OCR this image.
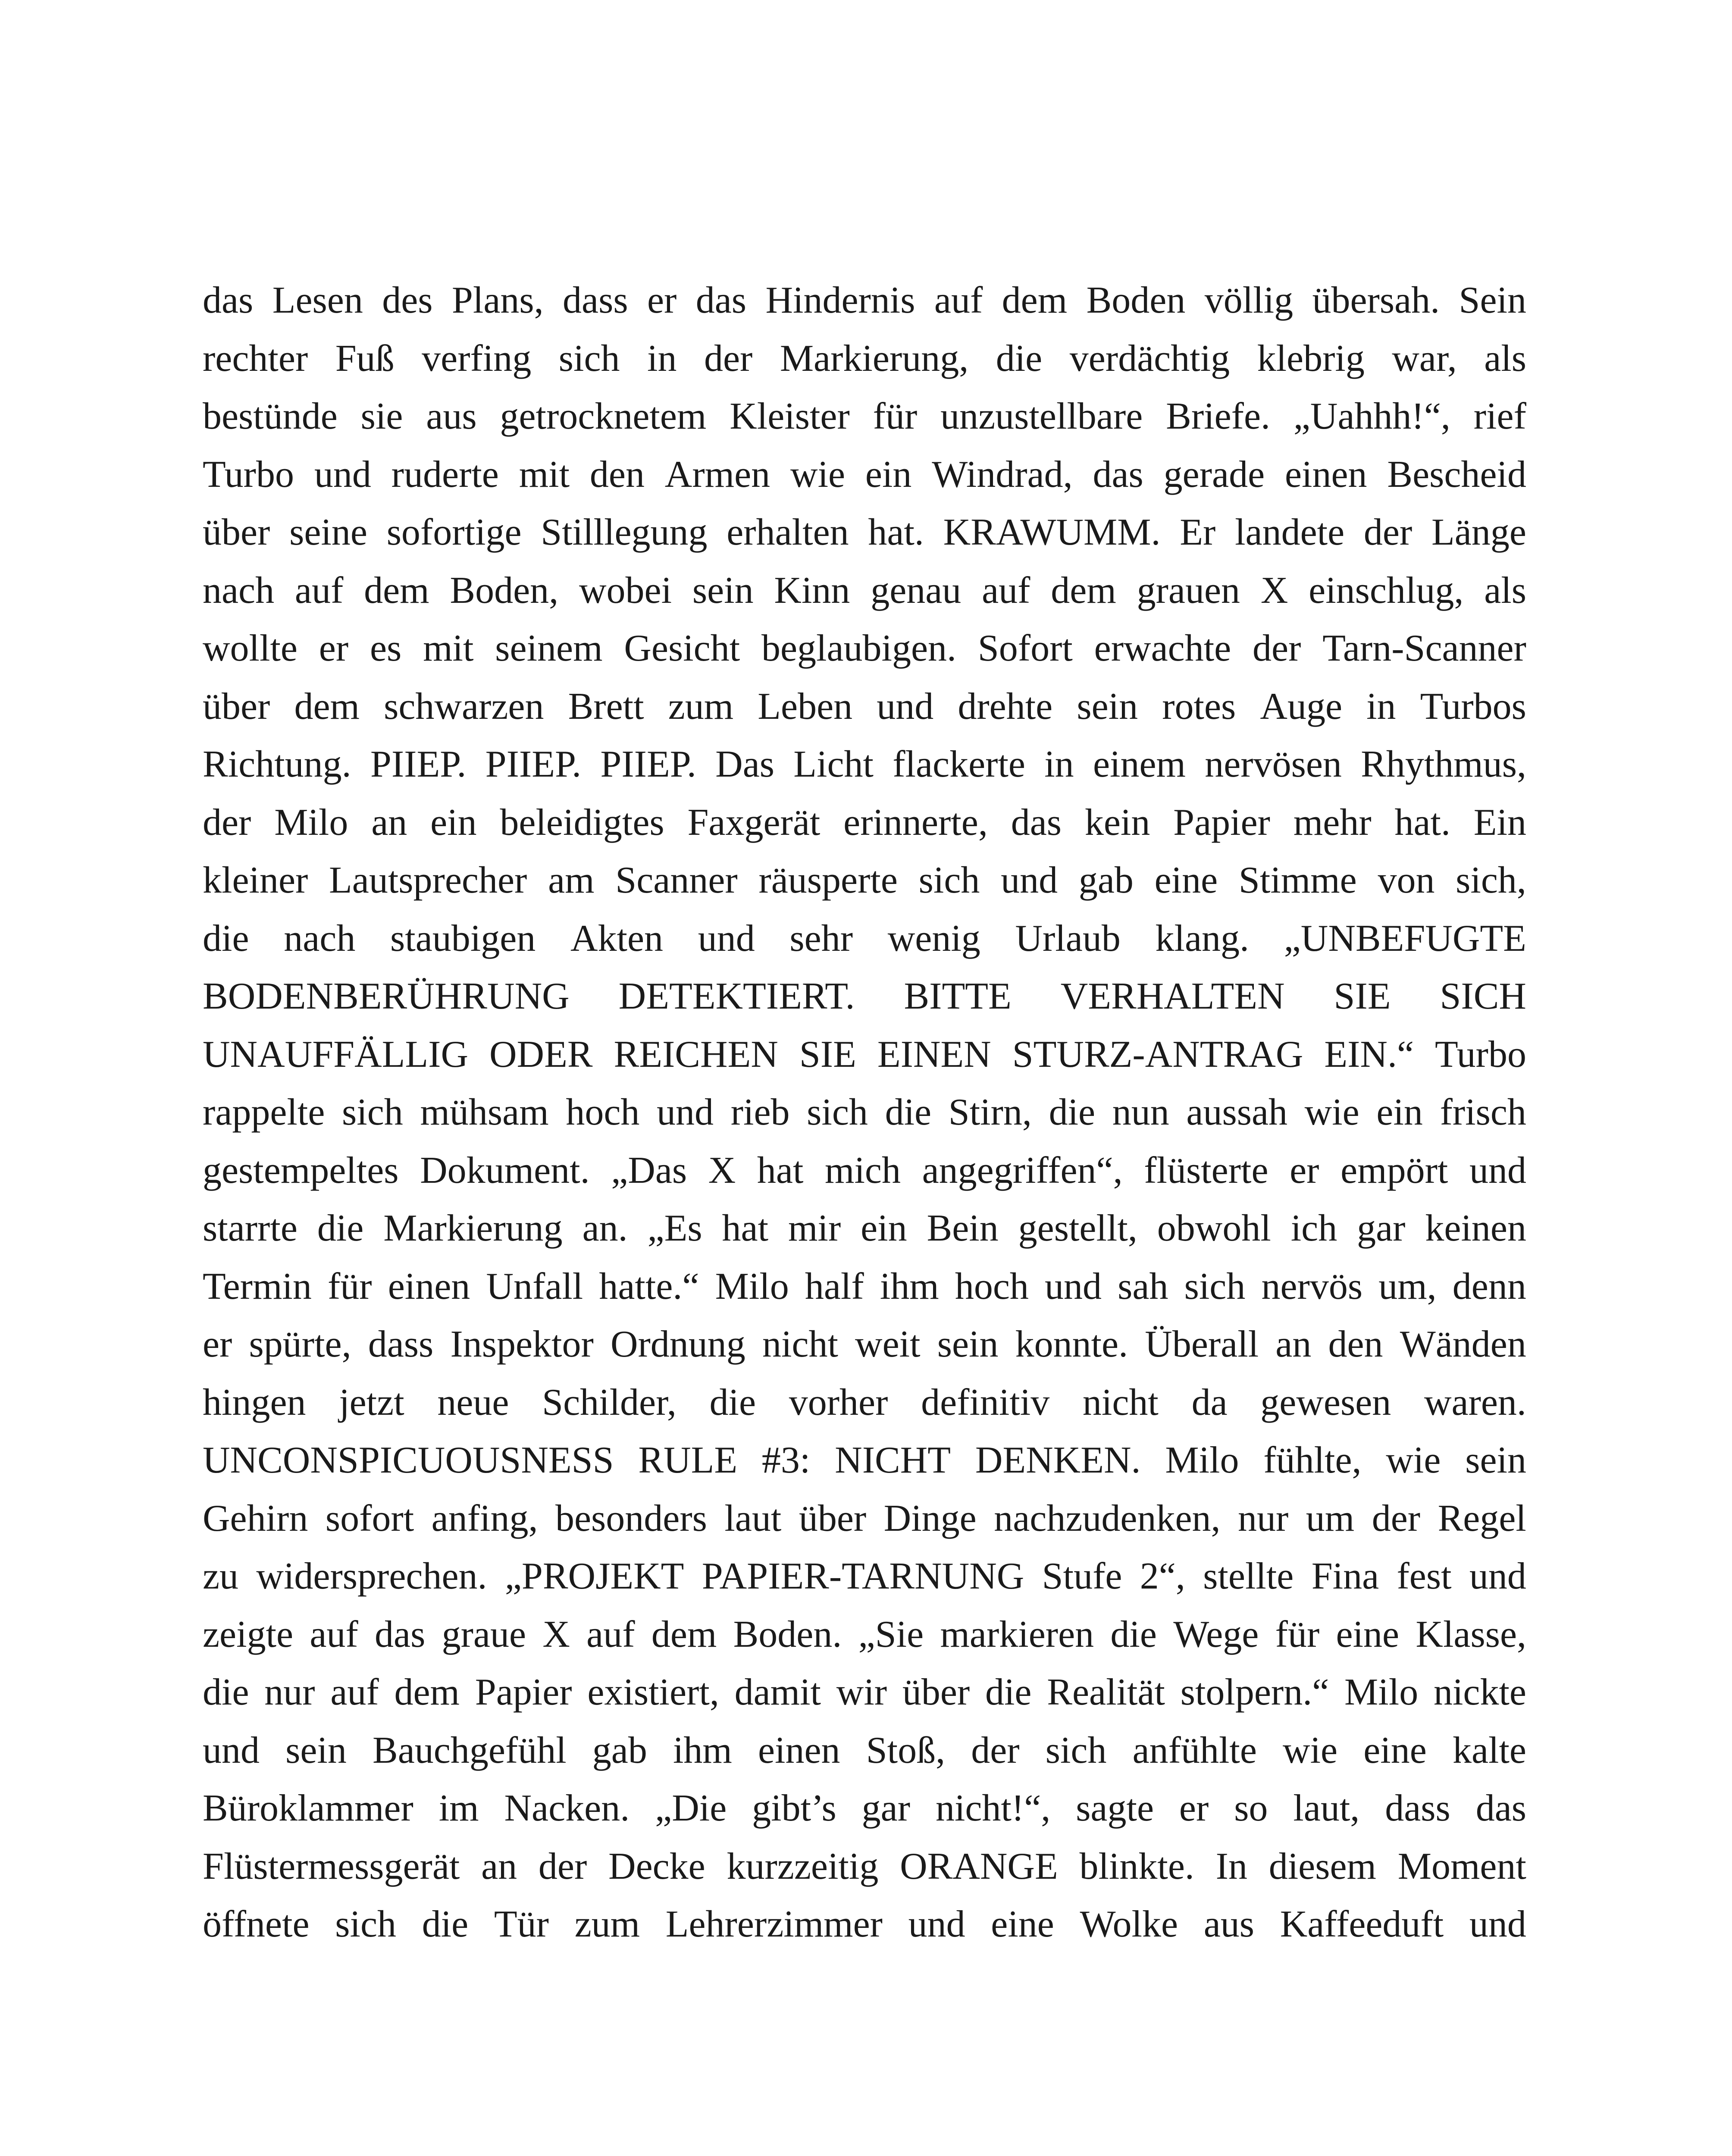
das Lesen des Plans, dass er das Hindernis auf dem Boden völlig übersah. Sein
rechter Fuß verfing sich in der Markierung, die verdächtig klebrig war, als
bestünde sie aus getrocknetem Kleister für unzustellbare Briefe. „Uahhh!“, rief
Turbo und ruderte mit den Armen wie ein Windrad, das gerade einen Bescheid
über seine sofortige Stilllegung erhalten hat. KRAWUMM. Er landete der Länge
nach auf dem Boden, wobei sein Kinn genau auf dem grauen X einschlug, als
wollte er es mit seinem Gesicht beglaubigen. Sofort erwachte der Tarn-Scanner
über dem schwarzen Brett zum Leben und drehte sein rotes Auge in Turbos
Richtung. PIIEP. PIIEP. PIIEP. Das Licht flackerte in einem nervösen Rhythmus,
der Milo an ein beleidigtes Faxgerät erinnerte, das kein Papier mehr hat. Ein
kleiner Lautsprecher am Scanner räusperte sich und gab eine Stimme von sich,
die nach staubigen Akten und sehr wenig Urlaub klang. „UNBEFUGTE
BODENBERÜHRUNG DETEKTIERT. BITTE VERHALTEN SIE SICH
UNAUFFÄLLIG ODER REICHEN SIE EINEN STURZ-ANTRAG EIN.“ Turbo
rappelte sich mühsam hoch und rieb sich die Stirn, die nun aussah wie ein frisch
gestempeltes Dokument. „Das X hat mich angegriffen“, flüsterte er empört und
starrte die Markierung an. „Es hat mir ein Bein gestellt, obwohl ich gar keinen
Termin für einen Unfall hatte.“ Milo half ihm hoch und sah sich nervös um, denn
er spürte, dass Inspektor Ordnung nicht weit sein konnte. Überall an den Wänden
hingen jetzt neue Schilder, die vorher definitiv nicht da gewesen waren.
UNCONSPICUOUSNESS RULE #3: NICHT DENKEN. Milo fühlte, wie sein
Gehirn sofort anfing, besonders laut über Dinge nachzudenken, nur um der Regel
zu widersprechen. „PROJEKT PAPIER-TARNUNG Stufe 2“, stellte Fina fest und
zeigte auf das graue X auf dem Boden. „Sie markieren die Wege für eine Klasse,
die nur auf dem Papier existiert, damit wir über die Realität stolpern.“ Milo nickte
und sein Bauchgefühl gab ihm einen Stoß, der sich anfühlte wie eine kalte
Büroklammer im Nacken. „Die gibt’s gar nicht!“, sagte er so laut, dass das
Flüstermessgerät an der Decke kurzzeitig ORANGE blinkte. In diesem Moment
öffnete sich die Tür zum Lehrerzimmer und eine Wolke aus Kaffeeduft und
